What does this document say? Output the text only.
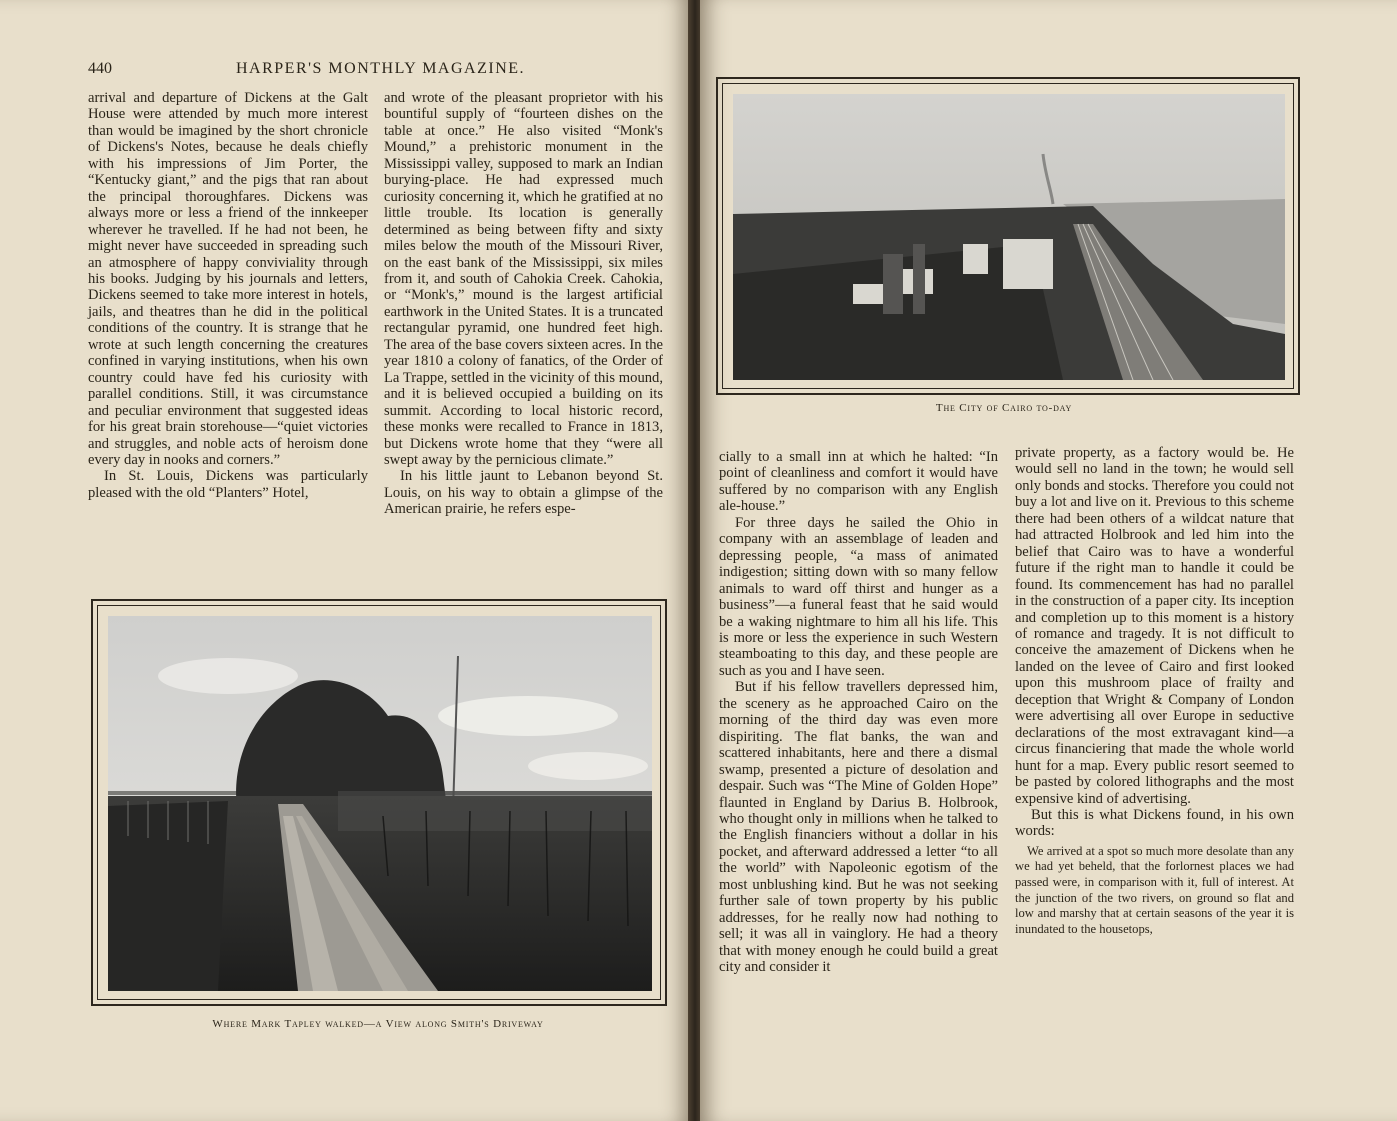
440	HARPER'S MONTHLY MAGAZINE.

arrival and departure of Dickens at the Galt House were attended by much more interest than would be imagined by the short chronicle of Dickens's Notes, because he deals chiefly with his impressions of Jim Porter, the “Kentucky giant,” and the pigs that ran about the principal thoroughfares. Dickens was always more or less a friend of the innkeeper wherever he travelled. If he had not been, he might never have succeeded in spreading such an atmosphere of happy conviviality through his books. Judging by his journals and letters, Dickens seemed to take more interest in hotels, jails, and theatres than he did in the political conditions of the country. It is strange that he wrote at such length concerning the creatures confined in varying institutions, when his own country could have fed his curiosity with parallel conditions. Still, it was circumstance and peculiar environment that suggested ideas for his great brain storehouse—“quiet victories and struggles, and noble acts of heroism done every day in nooks and corners.”

In St. Louis, Dickens was particularly pleased with the old “Planters” Hotel,

and wrote of the pleasant proprietor with his bountiful supply of “fourteen dishes on the table at once.” He also visited “Monk's Mound,” a prehistoric monument in the Mississippi valley, supposed to mark an Indian burying-place. He had expressed much curiosity concerning it, which he gratified at no little trouble. Its location is generally determined as being between fifty and sixty miles below the mouth of the Missouri River, on the east bank of the Mississippi, six miles from it, and south of Cahokia Creek. Cahokia, or “Monk's,” mound is the largest artificial earthwork in the United States. It is a truncated rectangular pyramid, one hundred feet high. The area of the base covers sixteen acres. In the year 1810 a colony of fanatics, of the Order of La Trappe, settled in the vicinity of this mound, and it is believed occupied a building on its summit. According to local historic record, these monks were recalled to France in 1813, but Dickens wrote home that they “were all swept away by the pernicious climate.”

In his little jaunt to Lebanon beyond St. Louis, on his way to obtain a glimpse of the American prairie, he refers espe-

Where Mark Tapley walked—a View along Smith's Driveway
The City of Cairo to-day

cially to a small inn at which he halted: “In point of cleanliness and comfort it would have suffered by no comparison with any English ale-house.”

For three days he sailed the Ohio in company with an assemblage of leaden and depressing people, “a mass of animated indigestion; sitting down with so many fellow animals to ward off thirst and hunger as a business”—a funeral feast that he said would be a waking nightmare to him all his life. This is more or less the experience in such Western steamboating to this day, and these people are such as you and I have seen.

But if his fellow travellers depressed him, the scenery as he approached Cairo on the morning of the third day was even more dispiriting. The flat banks, the wan and scattered inhabitants, here and there a dismal swamp, presented a picture of desolation and despair. Such was “The Mine of Golden Hope” flaunted in England by Darius B. Holbrook, who thought only in millions when he talked to the English financiers without a dollar in his pocket, and afterward addressed a letter “to all the world” with Napoleonic egotism of the most unblushing kind. But he was not seeking further sale of town property by his public addresses, for he really now had nothing to sell; it was all in vainglory. He had a theory that with money enough he could build a great city and consider it

private property, as a factory would be. He would sell no land in the town; he would sell only bonds and stocks. Therefore you could not buy a lot and live on it. Previous to this scheme there had been others of a wildcat nature that had attracted Holbrook and led him into the belief that Cairo was to have a wonderful future if the right man to handle it could be found. Its commencement has had no parallel in the construction of a paper city. Its inception and completion up to this moment is a history of romance and tragedy. It is not difficult to conceive the amazement of Dickens when he landed on the levee of Cairo and first looked upon this mushroom place of frailty and deception that Wright & Company of London were advertising all over Europe in seductive declarations of the most extravagant kind—a circus financiering that made the whole world hunt for a map. Every public resort seemed to be pasted by colored lithographs and the most expensive kind of advertising.

But this is what Dickens found, in his own words:

We arrived at a spot so much more desolate than any we had yet beheld, that the forlornest places we had passed were, in comparison with it, full of interest. At the junction of the two rivers, on ground so flat and low and marshy that at certain seasons of the year it is inundated to the housetops,
